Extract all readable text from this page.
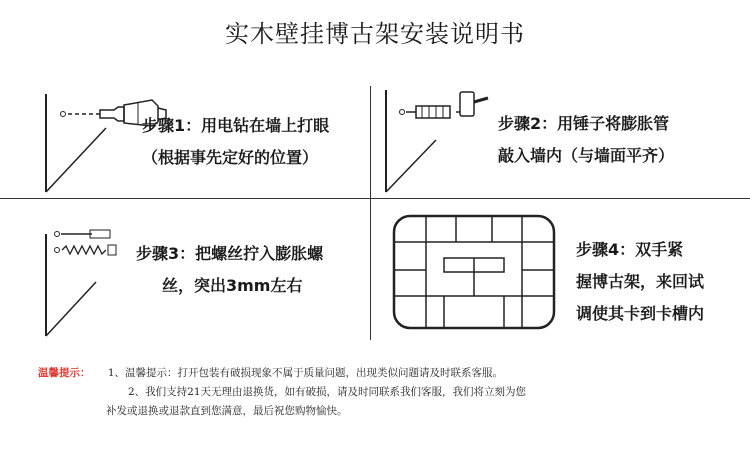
实木壁挂博古架安装说明书
步骤1：用电钻在墙上打眼
（根据事先定好的位置）
步骤2：用锤子将膨胀管
敲入墙内（与墙面平齐）
步骤3：把螺丝拧入膨胀螺
丝，突出3mm左右
步骤4：双手紧
握博古架，来回试
调使其卡到卡槽内
温馨提示： 1、温馨提示：打开包装有破损现象不属于质量问题，出现类似问题请及时联系客服。
2、我们支持21天无理由退换货，如有破损，请及时同联系我们客服，我们将立刻为您
补发或退换或退款直到您满意，最后祝您购物愉快。
